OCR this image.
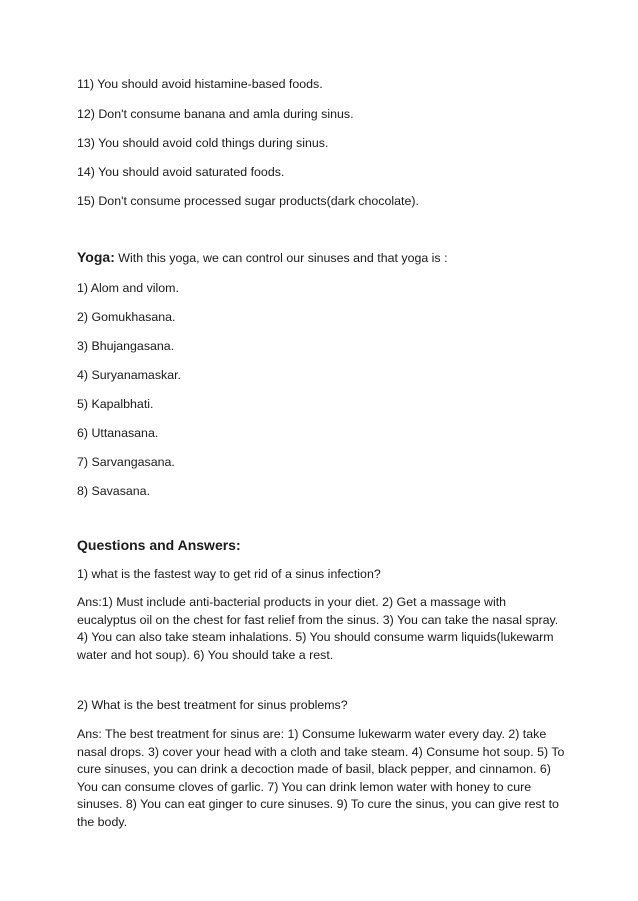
11) You should avoid histamine-based foods.
12) Don't consume banana and amla during sinus.
13) You should avoid cold things during sinus.
14) You should avoid saturated foods.
15) Don't consume processed sugar products(dark chocolate).
Yoga: With this yoga, we can control our sinuses and that yoga is :
1) Alom and vilom.
2) Gomukhasana.
3) Bhujangasana.
4) Suryanamaskar.
5) Kapalbhati.
6) Uttanasana.
7) Sarvangasana.
8) Savasana.
Questions and Answers:
1) what is the fastest way to get rid of a sinus infection?
Ans:1) Must include anti-bacterial products in your diet. 2) Get a massage with eucalyptus oil on the chest for fast relief from the sinus. 3) You can take the nasal spray. 4) You can also take steam inhalations. 5) You should consume warm liquids(lukewarm water and hot soup). 6) You should take a rest.
2) What is the best treatment for sinus problems?
Ans: The best treatment for sinus are: 1) Consume lukewarm water every day. 2) take nasal drops. 3) cover your head with a cloth and take steam. 4) Consume hot soup. 5) To cure sinuses, you can drink a decoction made of basil, black pepper, and cinnamon. 6) You can consume cloves of garlic. 7) You can drink lemon water with honey to cure sinuses. 8) You can eat ginger to cure sinuses. 9) To cure the sinus, you can give rest to the body.
